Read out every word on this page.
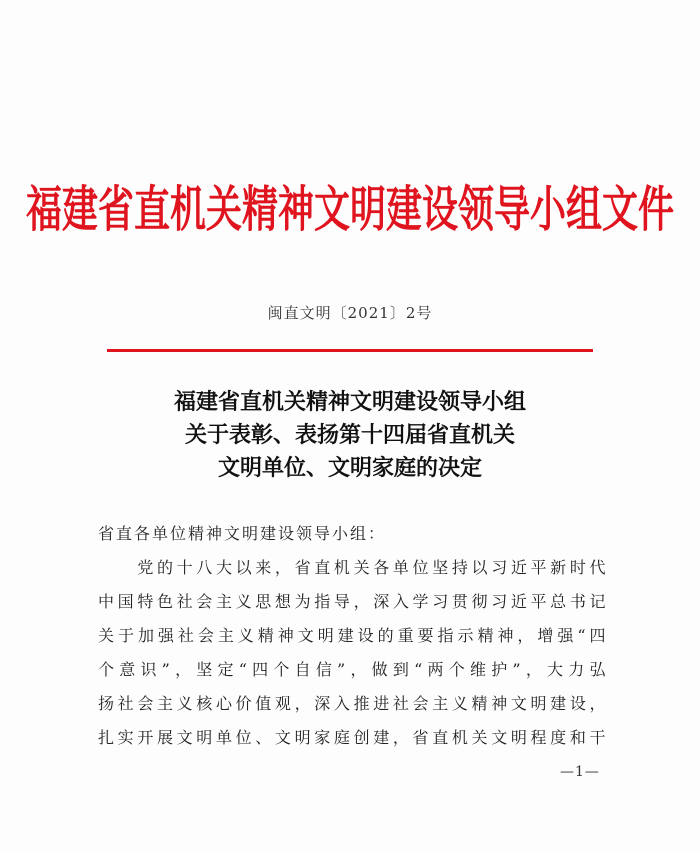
福建省直机关精神文明建设领导小组文件
闽直文明〔2021〕2号
福建省直机关精神文明建设领导小组
关于表彰、表扬第十四届省直机关
文明单位、文明家庭的决定
省直各单位精神文明建设领导小组：
　　党的十八大以来，省直机关各单位坚持以习近平新时代
中国特色社会主义思想为指导，深入学习贯彻习近平总书记
关于加强社会主义精神文明建设的重要指示精神，增强“四
个意识”，坚定“四个自信”，做到“两个维护”，大力弘
扬社会主义核心价值观，深入推进社会主义精神文明建设，
扎实开展文明单位、文明家庭创建，省直机关文明程度和干
—1—
